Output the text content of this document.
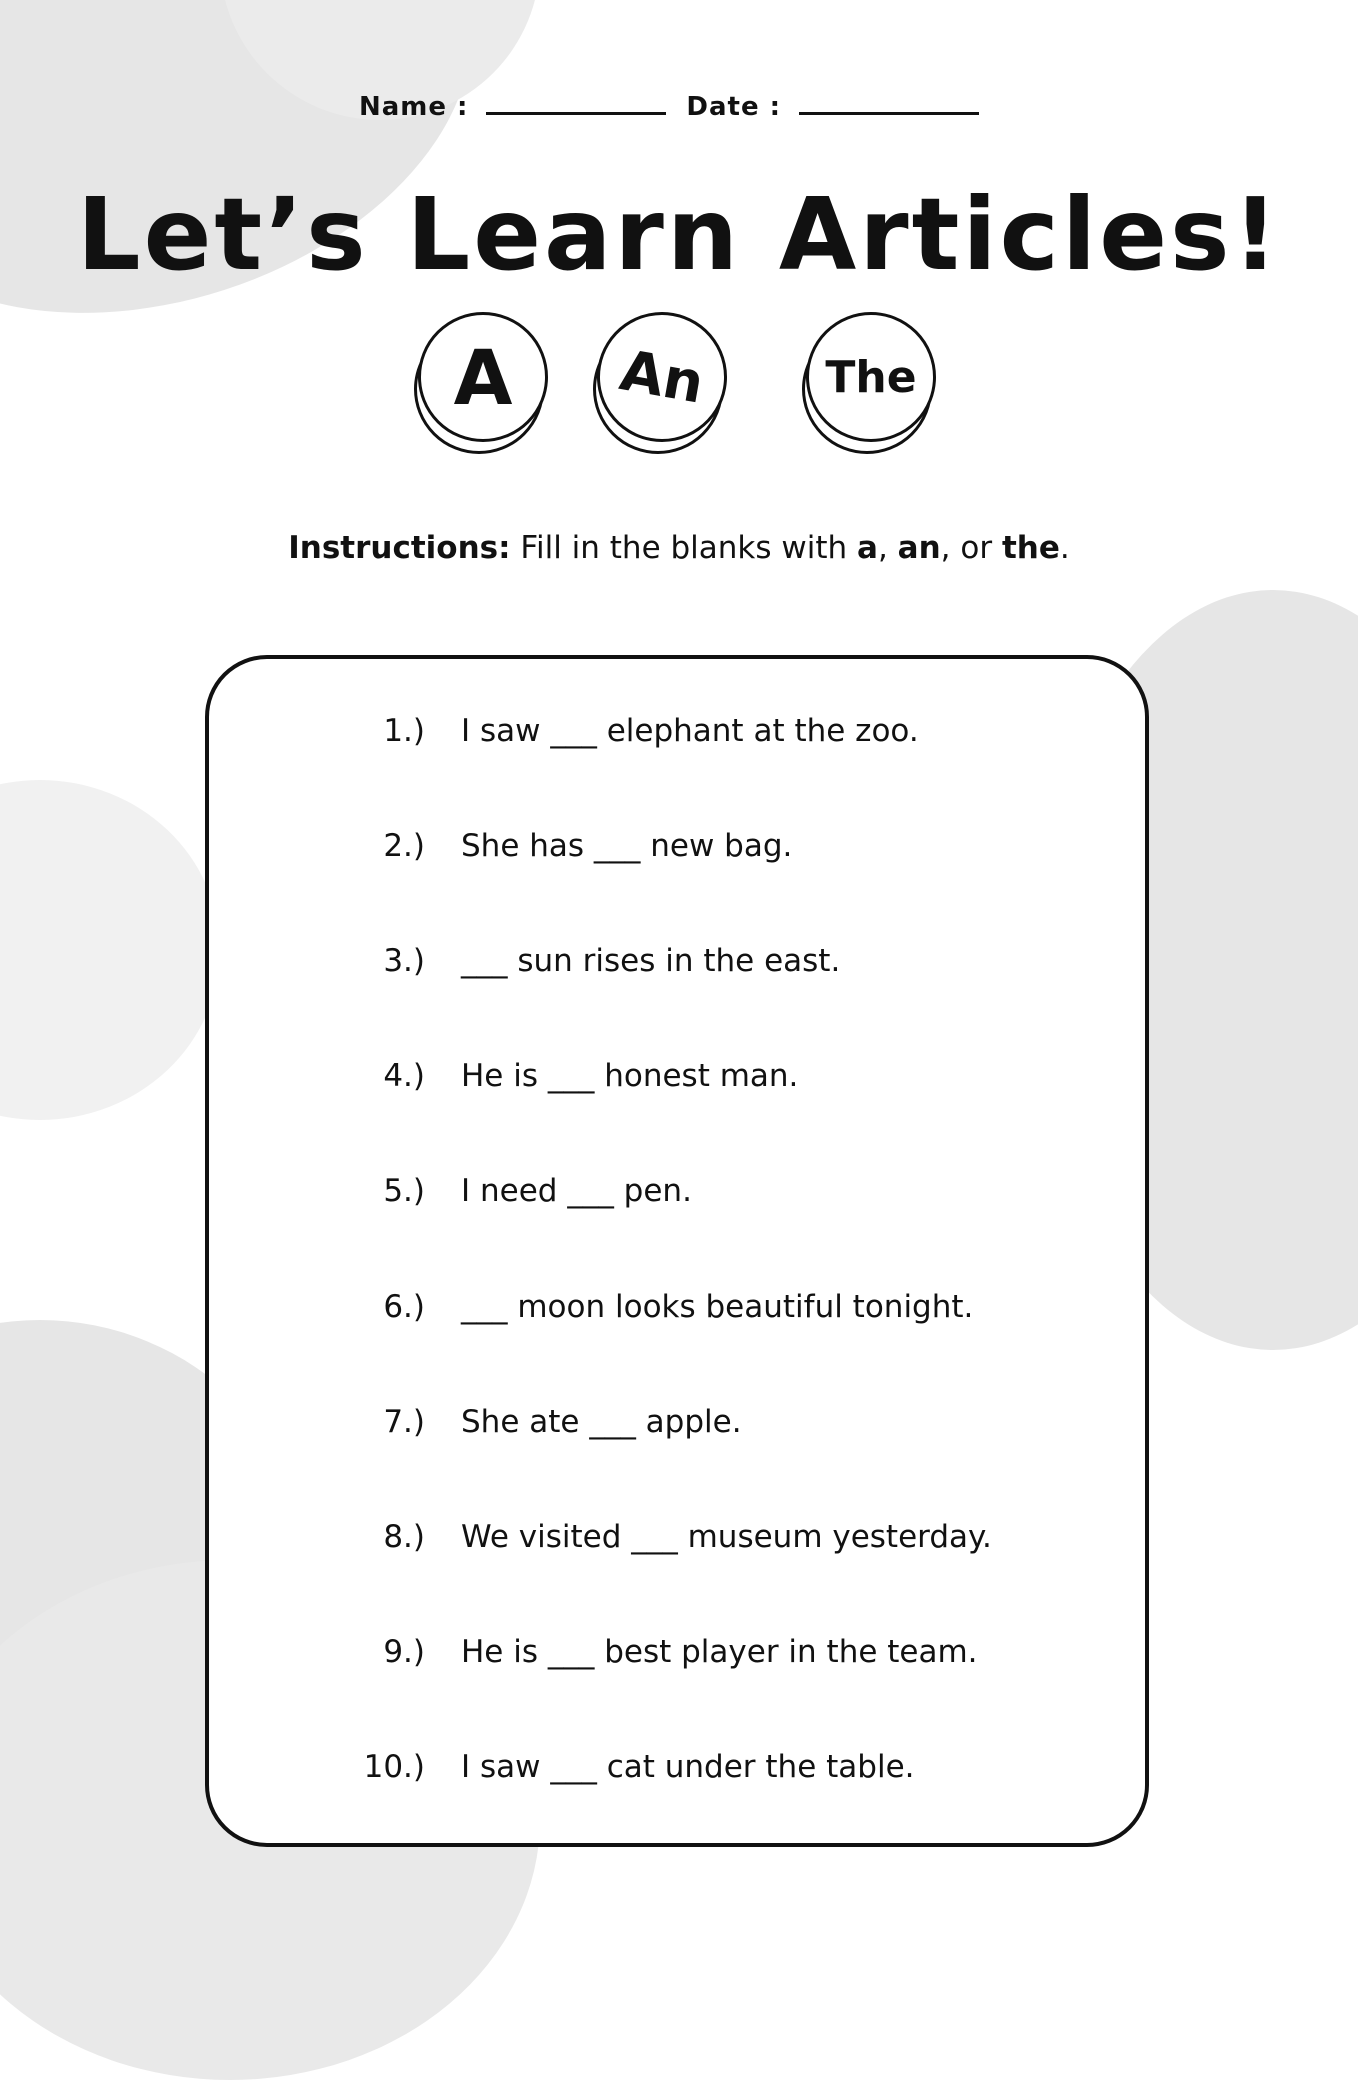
Name :	Date :
Let’s Learn Articles!
A	An	The
Instructions: Fill in the blanks with a, an, or the.
1.) I saw ___ elephant at the zoo.
2.) She has ___ new bag.
3.) ___ sun rises in the east.
4.) He is ___ honest man.
5.) I need ___ pen.
6.) ___ moon looks beautiful tonight.
7.) She ate ___ apple.
8.) We visited ___ museum yesterday.
9.) He is ___ best player in the team.
10.) I saw ___ cat under the table.
